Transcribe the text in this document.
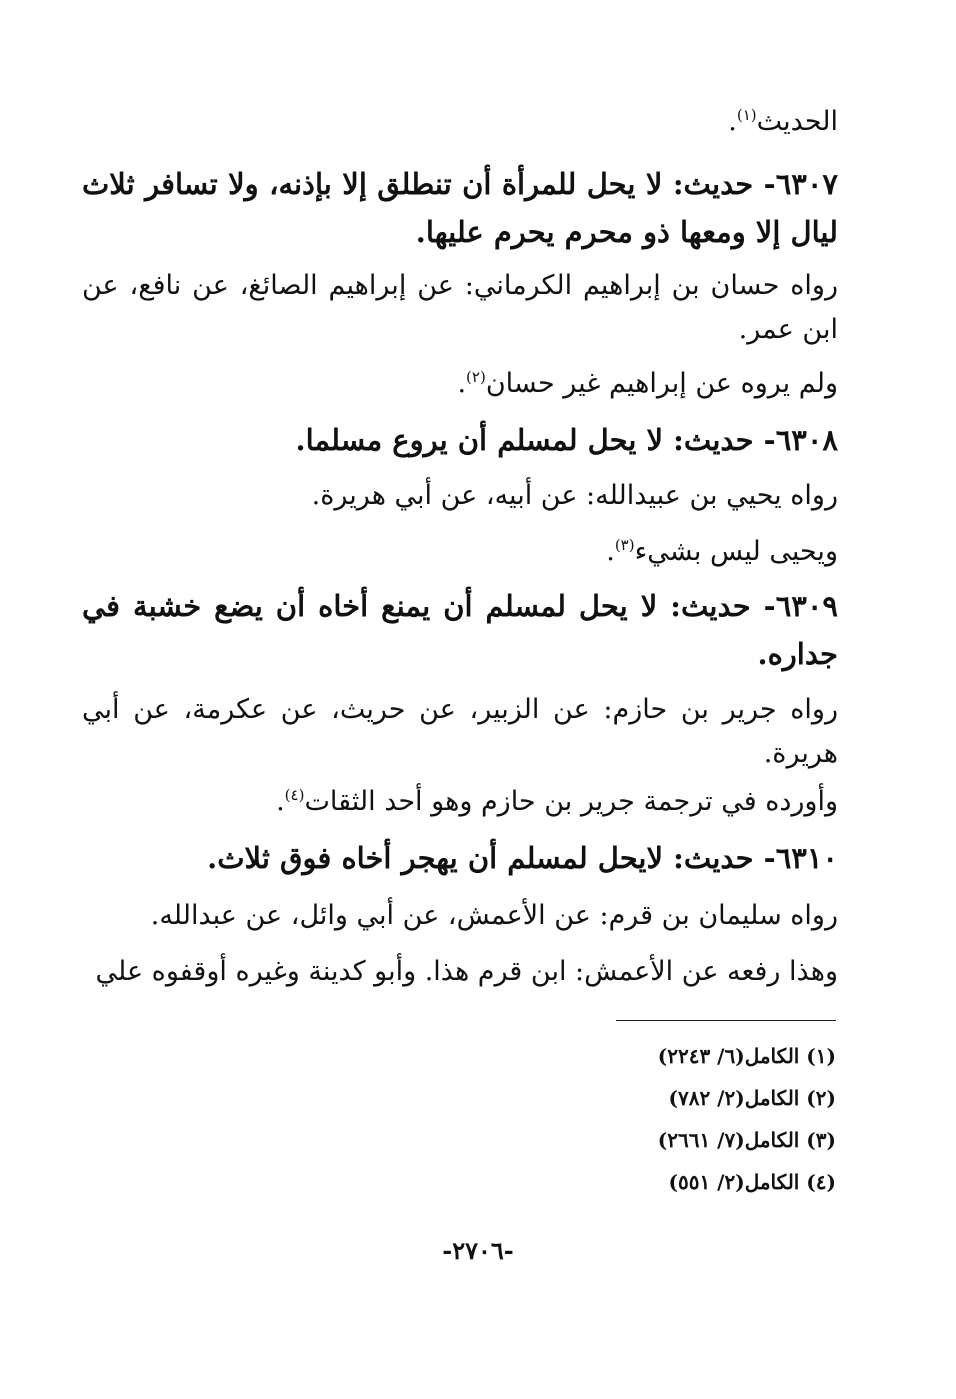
الحديث$^{(١)}$.

٦٣٠٧- حديث: لا يحل للمرأة أن تنطلق إلا بإذنه، ولا تسافر ثلاث ليال إلا ومعها ذو محرم يحرم عليها.

رواه حسان بن إبراهيم الكرماني: عن إبراهيم الصائغ، عن نافع، عن ابن عمر.

ولم يروه عن إبراهيم غير حسان$^{(٢)}$.

٦٣٠٨- حديث: لا يحل لمسلم أن يروع مسلما.

رواه يحيي بن عبيدالله: عن أبيه، عن أبي هريرة.

ويحيى ليس بشيء$^{(٣)}$.

٦٣٠٩- حديث: لا يحل لمسلم أن يمنع أخاه أن يضع خشبة في جداره.

رواه جرير بن حازم: عن الزبير، عن حريث، عن عكرمة، عن أبي هريرة.

وأورده في ترجمة جرير بن حازم وهو أحد الثقات$^{(٤)}$.

٦٣١٠- حديث: لايحل لمسلم أن يهجر أخاه فوق ثلاث.

رواه سليمان بن قرم: عن الأعمش، عن أبي وائل، عن عبدالله.

وهذا رفعه عن الأعمش: ابن قرم هذا. وأبو كدينة وغيره أوقفوه علي

(١) الكامل(٦/ ٢٢٤٣)
(٢) الكامل(٢/ ٧٨٢)
(٣) الكامل(٧/ ٢٦٦١)
(٤) الكامل(٢/ ٥٥١)
-٢٧٠٦-
